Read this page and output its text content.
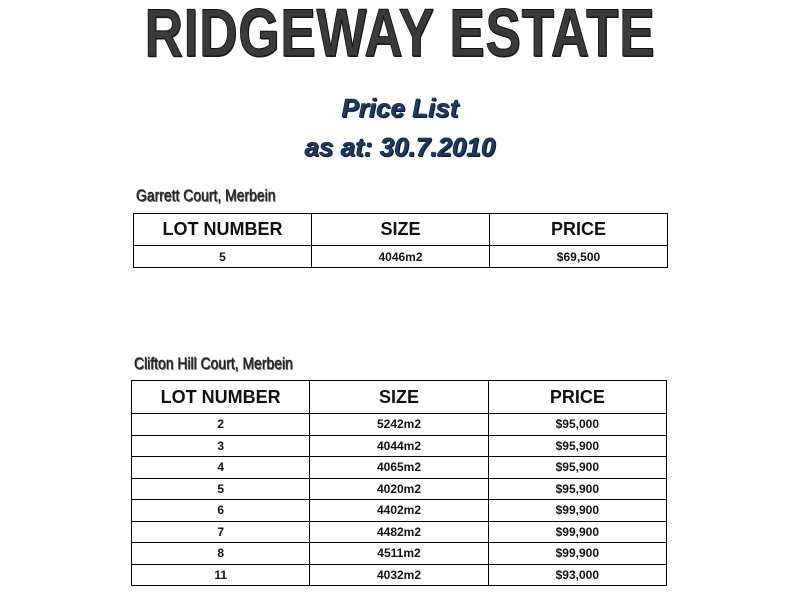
RIDGEWAY ESTATE
Price List
as at: 30.7.2010
Garrett Court, Merbein
LOT NUMBER	SIZE	PRICE
5	4046m2	$69,500
Clifton Hill Court, Merbein
LOT NUMBER	SIZE	PRICE
2	5242m2	$95,000
3	4044m2	$95,900
4	4065m2	$95,900
5	4020m2	$95,900
6	4402m2	$99,900
7	4482m2	$99,900
8	4511m2	$99,900
11	4032m2	$93,000
